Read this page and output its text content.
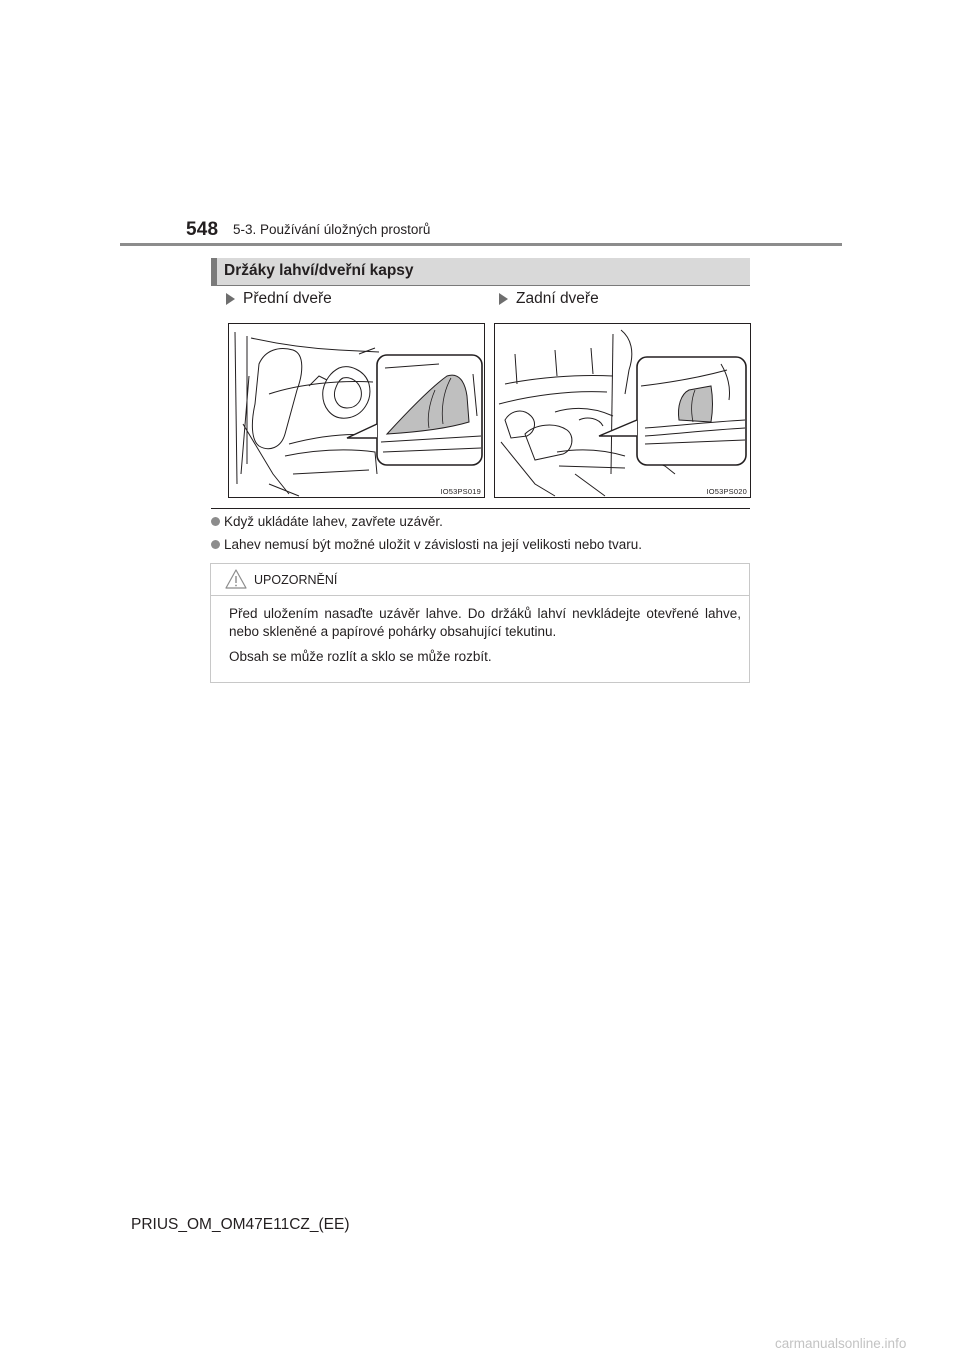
548 5-3. Používání úložných prostorů
Držáky lahví/dveřní kapsy
Přední dveře	Zadní dveře
IO53PS019	IO53PS020
Když ukládáte lahev, zavřete uzávěr.
Lahev nemusí být možné uložit v závislosti na její velikosti nebo tvaru.
UPOZORNĚNÍ
Před uložením nasaďte uzávěr lahve. Do držáků lahví nevkládejte otevřené lahve, nebo skleněné a papírové pohárky obsahující tekutinu.
Obsah se může rozlít a sklo se může rozbít.
PRIUS_OM_OM47E11CZ_(EE)
carmanualsonline.info
